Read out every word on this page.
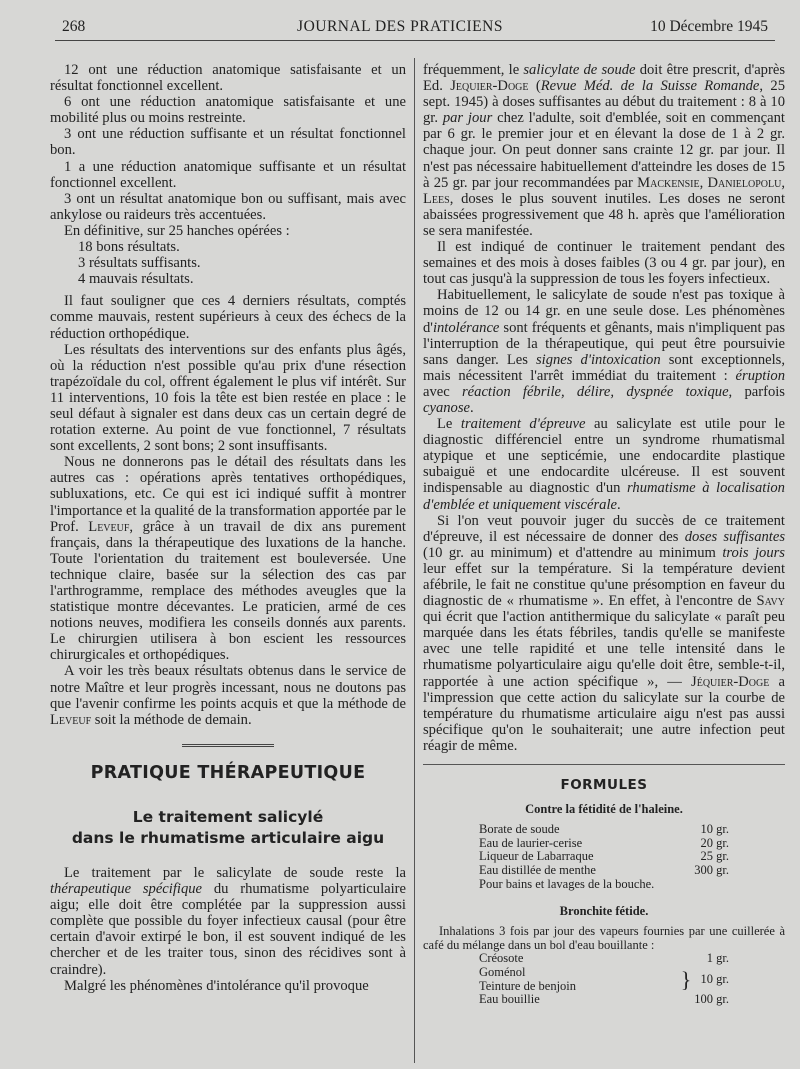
268	JOURNAL DES PRATICIENS	10 Décembre 1945

12 ont une réduction anatomique satisfaisante et un résultat fonctionnel excellent.

6 ont une réduction anatomique satisfaisante et une mobilité plus ou moins restreinte.

3 ont une réduction suffisante et un résultat fonctionnel bon.

1 a une réduction anatomique suffisante et un résultat fonctionnel excellent.

3 ont un résultat anatomique bon ou suffisant, mais avec ankylose ou raideurs très accentuées.

En définitive, sur 25 hanches opérées :

18 bons résultats.

3 résultats suffisants.

4 mauvais résultats.

Il faut souligner que ces 4 derniers résultats, comptés comme mauvais, restent supérieurs à ceux des échecs de la réduction orthopédique.

Les résultats des interventions sur des enfants plus âgés, où la réduction n'est possible qu'au prix d'une résection trapézoïdale du col, offrent également le plus vif intérêt. Sur 11 interventions, 10 fois la tête est bien restée en place : le seul défaut à signaler est dans deux cas un certain degré de rotation externe. Au point de vue fonctionnel, 7 résultats sont excellents, 2 sont bons; 2 sont insuffisants.

Nous ne donnerons pas le détail des résultats dans les autres cas : opérations après tentatives orthopédiques, subluxations, etc. Ce qui est ici indiqué suffit à montrer l'importance et la qualité de la transformation apportée par le Prof. Leveuf, grâce à un travail de dix ans purement français, dans la thérapeutique des luxations de la hanche. Toute l'orientation du traitement est bouleversée. Une technique claire, basée sur la sélection des cas par l'arthrogramme, remplace des méthodes aveugles que la statistique montre décevantes. Le praticien, armé de ces notions neuves, modifiera les conseils donnés aux parents. Le chirurgien utilisera à bon escient les ressources chirurgicales et orthopédiques.

A voir les très beaux résultats obtenus dans le service de notre Maître et leur progrès incessant, nous ne doutons pas que l'avenir confirme les points acquis et que la méthode de Leveuf soit la méthode de demain.

PRATIQUE THÉRAPEUTIQUE
Le traitement salicylé
dans le rhumatisme articulaire aigu

Le traitement par le salicylate de soude reste la thérapeutique spécifique du rhumatisme polyarticulaire aigu; elle doit être complétée par la suppression aussi complète que possible du foyer infectieux causal (pour être certain d'avoir extirpé le bon, il est souvent indiqué de les chercher et de les traiter tous, sinon des récidives sont à craindre).

Malgré les phénomènes d'intolérance qu'il provoque

fréquemment, le salicylate de soude doit être prescrit, d'après Ed. Jequier-Doge (Revue Méd. de la Suisse Romande, 25 sept. 1945) à doses suffisantes au début du traitement : 8 à 10 gr. par jour chez l'adulte, soit d'emblée, soit en commençant par 6 gr. le premier jour et en élevant la dose de 1 à 2 gr. chaque jour. On peut donner sans crainte 12 gr. par jour. Il n'est pas nécessaire habituellement d'atteindre les doses de 15 à 25 gr. par jour recommandées par Mackensie, Danielopolu, Lees, doses le plus souvent inutiles. Les doses ne seront abaissées progressivement que 48 h. après que l'amélioration se sera manifestée.

Il est indiqué de continuer le traitement pendant des semaines et des mois à doses faibles (3 ou 4 gr. par jour), en tout cas jusqu'à la suppression de tous les foyers infectieux.

Habituellement, le salicylate de soude n'est pas toxique à moins de 12 ou 14 gr. en une seule dose. Les phénomènes d'intolérance sont fréquents et gênants, mais n'impliquent pas l'interruption de la thérapeutique, qui peut être poursuivie sans danger. Les signes d'intoxication sont exceptionnels, mais nécessitent l'arrêt immédiat du traitement : éruption avec réaction fébrile, délire, dyspnée toxique, parfois cyanose.

Le traitement d'épreuve au salicylate est utile pour le diagnostic différenciel entre un syndrome rhumatismal atypique et une septicémie, une endocardite plastique subaiguë et une endocardite ulcéreuse. Il est souvent indispensable au diagnostic d'un rhumatisme à localisation d'emblée et uniquement viscérale.

Si l'on veut pouvoir juger du succès de ce traitement d'épreuve, il est nécessaire de donner des doses suffisantes (10 gr. au minimum) et d'attendre au minimum trois jours leur effet sur la température. Si la température devient afébrile, le fait ne constitue qu'une présomption en faveur du diagnostic de « rhumatisme ». En effet, à l'encontre de Savy qui écrit que l'action antithermique du salicylate « paraît peu marquée dans les états fébriles, tandis qu'elle se manifeste avec une telle rapidité et une telle intensité dans le rhumatisme polyarticulaire aigu qu'elle doit être, semble-t-il, rapportée à une action spécifique », — Jéquier-Doge a l'impression que cette action du salicylate sur la courbe de température du rhumatisme articulaire aigu n'est pas aussi spécifique qu'on le souhaiterait; une autre infection peut réagir de même.

FORMULES
Contre la fétidité de l'haleine.
Borate de soude	10 gr.
Eau de laurier-cerise	20 gr.
Liqueur de Labarraque	25 gr.
Eau distillée de menthe	300 gr.
Pour bains et lavages de la bouche.
Bronchite fétide.
Inhalations 3 fois par jour des vapeurs fournies par une cuillerée à café du mélange dans un bol d'eau bouillante :
Créosote	1 gr.
Goménol
Teinture de benjoin	} 10 gr.
Eau bouillie	100 gr.
